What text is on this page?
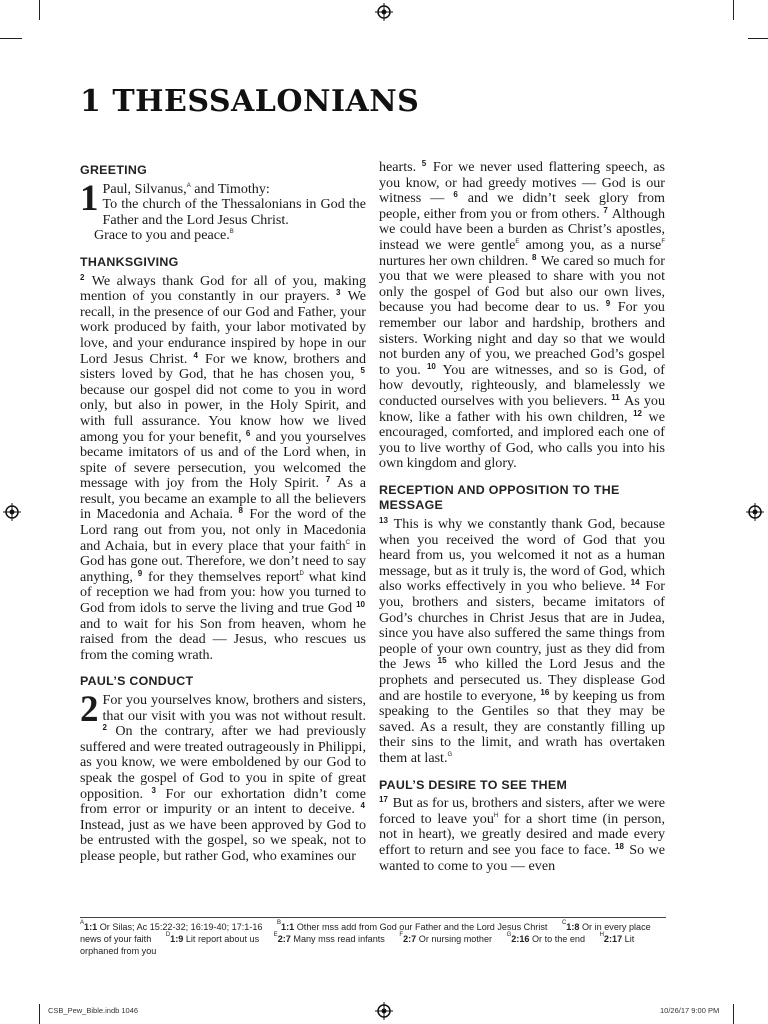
1 THESSALONIANS
GREETING

1 Paul, Silvanus,$^A$ and Timothy:
To the church of the Thessalonians in God the Father and the Lord Jesus Christ.

Grace to you and peace.$^B$

THANKSGIVING

$^2$ We always thank God for all of you, making mention of you constantly in our prayers. $^3$ We recall, in the presence of our God and Father, your work produced by faith, your labor motivated by love, and your endurance inspired by hope in our Lord Jesus Christ. $^4$ For we know, brothers and sisters loved by God, that he has chosen you, $^5$ because our gospel did not come to you in word only, but also in power, in the Holy Spirit, and with full assurance. You know how we lived among you for your benefit, $^6$ and you yourselves became imitators of us and of the Lord when, in spite of severe persecution, you welcomed the message with joy from the Holy Spirit. $^7$ As a result, you became an example to all the believers in Macedonia and Achaia. $^8$ For the word of the Lord rang out from you, not only in Macedonia and Achaia, but in every place that your faith$^C$ in God has gone out. Therefore, we don’t need to say anything, $^9$ for they themselves report$^D$ what kind of reception we had from you: how you turned to God from idols to serve the living and true God $^{10}$ and to wait for his Son from heaven, whom he raised from the dead — Jesus, who rescues us from the coming wrath.

PAUL’S CONDUCT

2 For you yourselves know, brothers and sisters, that our visit with you was not without result. $^2$ On the contrary, after we had previously suffered and were treated outrageously in Philippi, as you know, we were emboldened by our God to speak the gospel of God to you in spite of great opposition. $^3$ For our exhortation didn’t come from error or impurity or an intent to deceive. $^4$ Instead, just as we have been approved by God to be entrusted with the gospel, so we speak, not to please people, but rather God, who examines our

hearts. $^5$ For we never used flattering speech, as you know, or had greedy motives — God is our witness — $^6$ and we didn’t seek glory from people, either from you or from others. $^7$ Although we could have been a burden as Christ’s apostles, instead we were gentle$^E$ among you, as a nurse$^F$ nurtures her own children. $^8$ We cared so much for you that we were pleased to share with you not only the gospel of God but also our own lives, because you had become dear to us. $^9$ For you remember our labor and hardship, brothers and sisters. Working night and day so that we would not burden any of you, we preached God’s gospel to you. $^{10}$ You are witnesses, and so is God, of how devoutly, righteously, and blamelessly we conducted ourselves with you believers. $^{11}$ As you know, like a father with his own children, $^{12}$ we encouraged, comforted, and implored each one of you to live worthy of God, who calls you into his own kingdom and glory.

RECEPTION AND OPPOSITION TO THE MESSAGE

$^{13}$ This is why we constantly thank God, because when you received the word of God that you heard from us, you welcomed it not as a human message, but as it truly is, the word of God, which also works effectively in you who believe. $^{14}$ For you, brothers and sisters, became imitators of God’s churches in Christ Jesus that are in Judea, since you have also suffered the same things from people of your own country, just as they did from the Jews $^{15}$ who killed the Lord Jesus and the prophets and persecuted us. They displease God and are hostile to everyone, $^{16}$ by keeping us from speaking to the Gentiles so that they may be saved. As a result, they are constantly filling up their sins to the limit, and wrath has overtaken them at last.$^G$

PAUL’S DESIRE TO SEE THEM

$^{17}$ But as for us, brothers and sisters, after we were forced to leave you$^H$ for a short time (in person, not in heart), we greatly desired and made every effort to return and see you face to face. $^{18}$ So we wanted to come to you — even

$^A$1:1 Or Silas; Ac 15:22-32; 16:19-40; 17:1-16 $^B$1:1 Other mss add from God our Father and the Lord Jesus Christ $^C$1:8 Or in every place news of your faith $^D$1:9 Lit report about us $^E$2:7 Many mss read infants $^F$2:7 Or nursing mother $^G$2:16 Or to the end $^H$2:17 Lit orphaned from you
CSB_Pew_Bible.indb 1046	10/26/17 9:00 PM
